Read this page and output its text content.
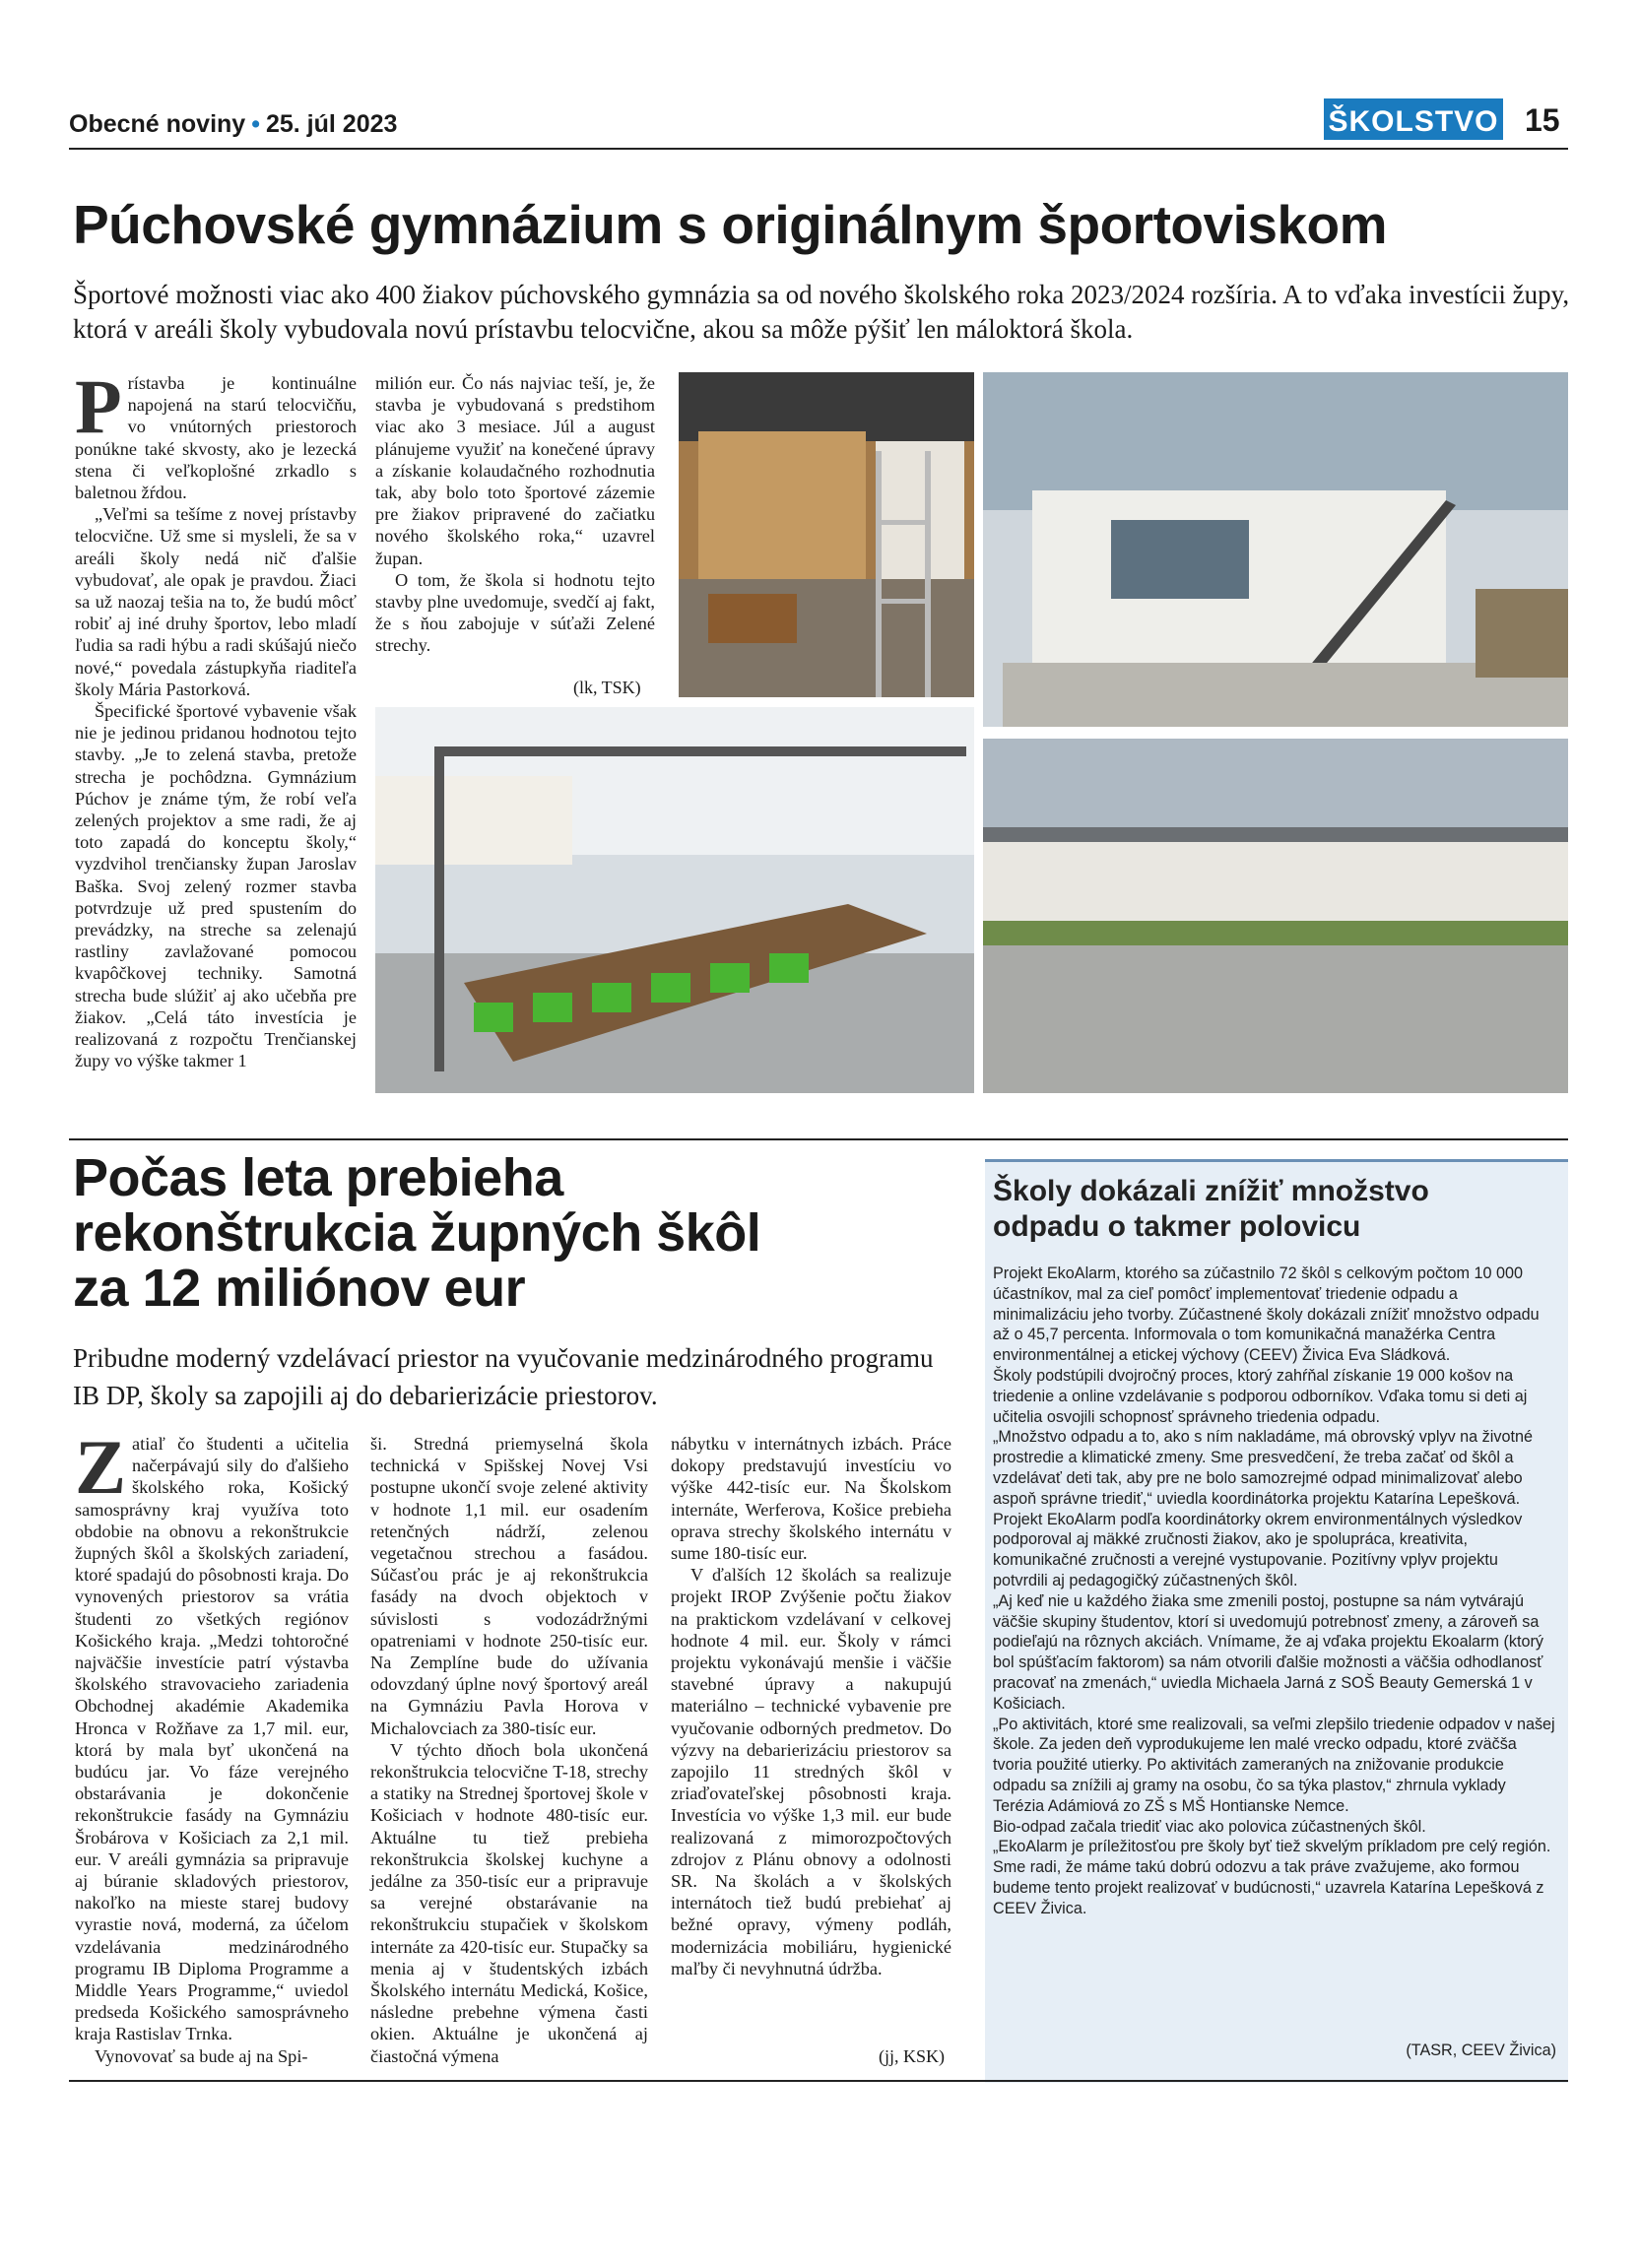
Obecné noviny • 25. júl 2023	ŠKOLSTVO 15
Púchovské gymnázium s originálnym športoviskom
Športové možnosti viac ako 400 žiakov púchovského gymnázia sa od nového školského roka 2023/2024 rozšíria. A to vďaka investícii župy, ktorá v areáli školy vybudovala novú prístavbu telocvične, akou sa môže pýšiť len máloktorá škola.

Prístavba je kontinuálne napojená na starú telocvičňu, vo vnútorných priestoroch ponúkne také skvosty, ako je lezecká stena či veľkoplošné zrkadlo s baletnou žŕdou.

„Veľmi sa tešíme z novej prístavby telocvične. Už sme si mysleli, že sa v areáli školy nedá nič ďalšie vybudovať, ale opak je pravdou. Žiaci sa už naozaj tešia na to, že budú môcť robiť aj iné druhy športov, lebo mladí ľudia sa radi hýbu a radi skúšajú niečo nové,“ povedala zástupkyňa riaditeľa školy Mária Pastorková.

Špecifické športové vybavenie však nie je jedinou pridanou hodnotou tejto stavby. „Je to zelená stavba, pretože strecha je pochôdzna. Gymnázium Púchov je známe tým, že robí veľa zelených projektov a sme radi, že aj toto zapadá do konceptu školy,“ vyzdvihol trenčiansky župan Jaroslav Baška. Svoj zelený rozmer stavba potvrdzuje už pred spustením do prevádzky, na streche sa zelenajú rastliny zavlažované pomocou kvapôčkovej techniky. Samotná strecha bude slúžiť aj ako učebňa pre žiakov. „Celá táto investícia je realizovaná z rozpočtu Trenčianskej župy vo výške takmer 1

milión eur. Čo nás najviac teší, je, že stavba je vybudovaná s predstihom viac ako 3 mesiace. Júl a august plánujeme využiť na konečené úpravy a získanie kolaudačného rozhodnutia tak, aby bolo toto športové zázemie pre žiakov pripravené do začiatku nového školského roka,“ uzavrel župan.

O tom, že škola si hodnotu tejto stavby plne uvedomuje, svedčí aj fakt, že s ňou zabojuje v súťaži Zelené strechy.

(lk, TSK)
Počas leta prebieha
rekonštrukcia župných škôl
za 12 miliónov eur
Pribudne moderný vzdelávací priestor na vyučovanie medzinárodného programu IB DP, školy sa zapojili aj do debarierizácie priestorov.

Zatiaľ čo študenti a učitelia načerpávajú sily do ďalšieho školského roka, Košický samosprávny kraj využíva toto obdobie na obnovu a rekonštrukcie župných škôl a školských zariadení, ktoré spadajú do pôsobnosti kraja. Do vynovených priestorov sa vrátia študenti zo všetkých regiónov Košického kraja. „Medzi tohtoročné najväčšie investície patrí výstavba školského stravovacieho zariadenia Obchodnej akadémie Akademika Hronca v Rožňave za 1,7 mil. eur, ktorá by mala byť ukončená na budúcu jar. Vo fáze verejného obstarávania je dokončenie rekonštrukcie fasády na Gymnáziu Šrobárova v Košiciach za 2,1 mil. eur. V areáli gymnázia sa pripravuje aj búranie skladových priestorov, nakoľko na mieste starej budovy vyrastie nová, moderná, za účelom vzdelávania medzinárodného programu IB Diploma Programme a Middle Years Programme,“ uviedol predseda Košického samosprávneho kraja Rastislav Trnka.

Vynovovať sa bude aj na Spi-

ši. Stredná priemyselná škola technická v Spišskej Novej Vsi postupne ukončí svoje zelené aktivity v hodnote 1,1 mil. eur osadením retenčných nádrží, zelenou vegetačnou strechou a fasádou. Súčasťou prác je aj rekonštrukcia fasády na dvoch objektoch v súvislosti s vodozádržnými opatreniami v hodnote 250-tisíc eur. Na Zemplíne bude do užívania odovzdaný úplne nový športový areál na Gymnáziu Pavla Horova v Michalovciach za 380-tisíc eur.

V týchto dňoch bola ukončená rekonštrukcia telocvične T-18, strechy a statiky na Strednej športovej škole v Košiciach v hodnote 480-tisíc eur. Aktuálne tu tiež prebieha rekonštrukcia školskej kuchyne a jedálne za 350-tisíc eur a pripravuje sa verejné obstarávanie na rekonštrukciu stupačiek v školskom internáte za 420-tisíc eur. Stupačky sa menia aj v študentských izbách Školského internátu Medická, Košice, následne prebehne výmena časti okien. Aktuálne je ukončená aj čiastočná výmena

nábytku v internátnych izbách. Práce dokopy predstavujú investíciu vo výške 442-tisíc eur. Na Školskom internáte, Werferova, Košice prebieha oprava strechy školského internátu v sume 180-tisíc eur.

V ďalších 12 školách sa realizuje projekt IROP Zvýšenie počtu žiakov na praktickom vzdelávaní v celkovej hodnote 4 mil. eur. Školy v rámci projektu vykonávajú menšie i väčšie stavebné úpravy a nakupujú materiálno – technické vybavenie pre vyučovanie odborných predmetov. Do výzvy na debarierizáciu priestorov sa zapojilo 11 stredných škôl v zriaďovateľskej pôsobnosti kraja. Investícia vo výške 1,3 mil. eur bude realizovaná z mimorozpočtových zdrojov z Plánu obnovy a odolnosti SR. Na školách a v školských internátoch tiež budú prebiehať aj bežné opravy, výmeny podláh, modernizácia mobiliáru, hygienické maľby či nevyhnutná údržba.

(jj, KSK)
Školy dokázali znížiť množstvo
odpadu o takmer polovicu

Projekt EkoAlarm, ktorého sa zúčastnilo 72 škôl s celkovým počtom 10 000 účastníkov, mal za cieľ pomôcť implementovať triedenie odpadu a minimalizáciu jeho tvorby. Zúčastnené školy dokázali znížiť množstvo odpadu až o 45,7 percenta. Informovala o tom komunikačná manažérka Centra environmentálnej a etickej výchovy (CEEV) Živica Eva Sládková.

Školy podstúpili dvojročný proces, ktorý zahŕňal získanie 19 000 košov na triedenie a online vzdelávanie s podporou odborníkov. Vďaka tomu si deti aj učitelia osvojili schopnosť správneho triedenia odpadu.

„Množstvo odpadu a to, ako s ním nakladáme, má obrovský vplyv na životné prostredie a klimatické zmeny. Sme presvedčení, že treba začať od škôl a vzdelávať deti tak, aby pre ne bolo samozrejmé odpad minimalizovať alebo aspoň správne triediť,“ uviedla koordinátorka projektu Katarína Lepešková.

Projekt EkoAlarm podľa koordinátorky okrem environmentálnych výsledkov podporoval aj mäkké zručnosti žiakov, ako je spolupráca, kreativita, komunikačné zručnosti a verejné vystupovanie. Pozitívny vplyv projektu potvrdili aj pedagogičký zúčastnených škôl.

„Aj keď nie u každého žiaka sme zmenili postoj, postupne sa nám vytvárajú väčšie skupiny študentov, ktorí si uvedomujú potrebnosť zmeny, a zároveň sa podieľajú na rôznych akciách. Vnímame, že aj vďaka projektu Ekoalarm (ktorý bol spúšťacím faktorom) sa nám otvorili ďalšie možnosti a väčšia odhodlanosť pracovať na zmenách,“ uviedla Michaela Jarná z SOŠ Beauty Gemerská 1 v Košiciach.

„Po aktivitách, ktoré sme realizovali, sa veľmi zlepšilo triedenie odpadov v našej škole. Za jeden deň vyprodukujeme len malé vrecko odpadu, ktoré zväčša tvoria použité utierky. Po aktivitách zameraných na znižovanie produkcie odpadu sa znížili aj gramy na osobu, čo sa týka plastov,“ zhrnula vyklady Terézia Adámiová zo ZŠ s MŠ Hontianske Nemce.

Bio-odpad začala triediť viac ako polovica zúčastnených škôl.

„EkoAlarm je príležitosťou pre školy byť tiež skvelým príkladom pre celý región. Sme radi, že máme takú dobrú odozvu a tak práve zvažujeme, ako formou budeme tento projekt realizovať v budúcnosti,“ uzavrela Katarína Lepešková z CEEV Živica.

(TASR, CEEV Živica)
